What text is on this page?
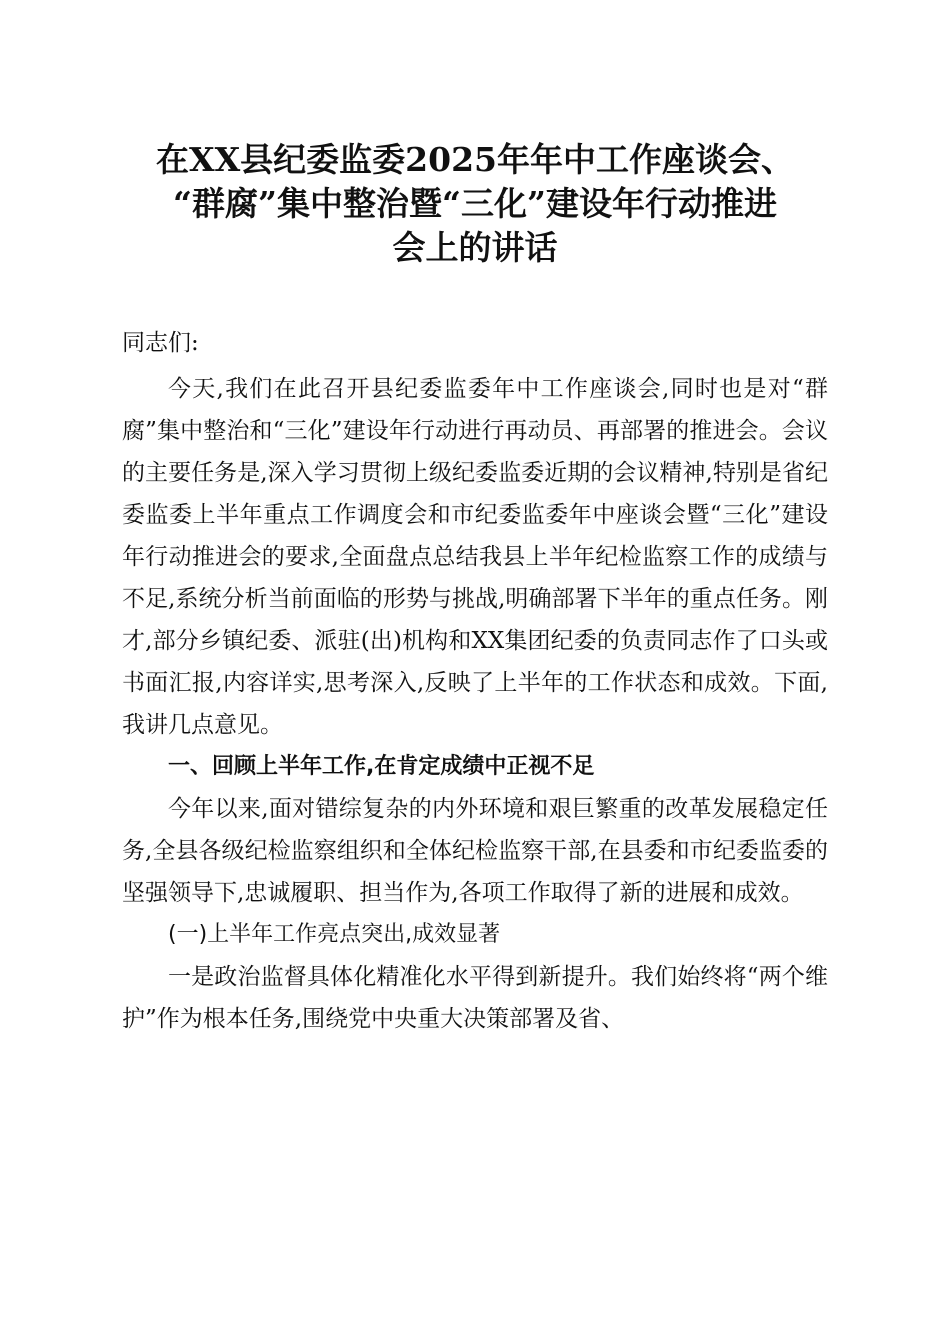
在XX县纪委监委2025年年中工作座谈会、
“群腐”集中整治暨“三化”建设年行动推进
会上的讲话

同志们:

今天,我们在此召开县纪委监委年中工作座谈会,同时也是对“群腐”集中整治和“三化”建设年行动进行再动员、再部署的推进会。会议的主要任务是,深入学习贯彻上级纪委监委近期的会议精神,特别是省纪委监委上半年重点工作调度会和市纪委监委年中座谈会暨“三化”建设年行动推进会的要求,全面盘点总结我县上半年纪检监察工作的成绩与不足,系统分析当前面临的形势与挑战,明确部署下半年的重点任务。刚才,部分乡镇纪委、派驻(出)机构和XX集团纪委的负责同志作了口头或书面汇报,内容详实,思考深入,反映了上半年的工作状态和成效。下面,我讲几点意见。

一、回顾上半年工作,在肯定成绩中正视不足

今年以来,面对错综复杂的内外环境和艰巨繁重的改革发展稳定任务,全县各级纪检监察组织和全体纪检监察干部,在县委和市纪委监委的坚强领导下,忠诚履职、担当作为,各项工作取得了新的进展和成效。

(一)上半年工作亮点突出,成效显著

一是政治监督具体化精准化水平得到新提升。我们始终将“两个维护”作为根本任务,围绕党中央重大决策部署及省、
